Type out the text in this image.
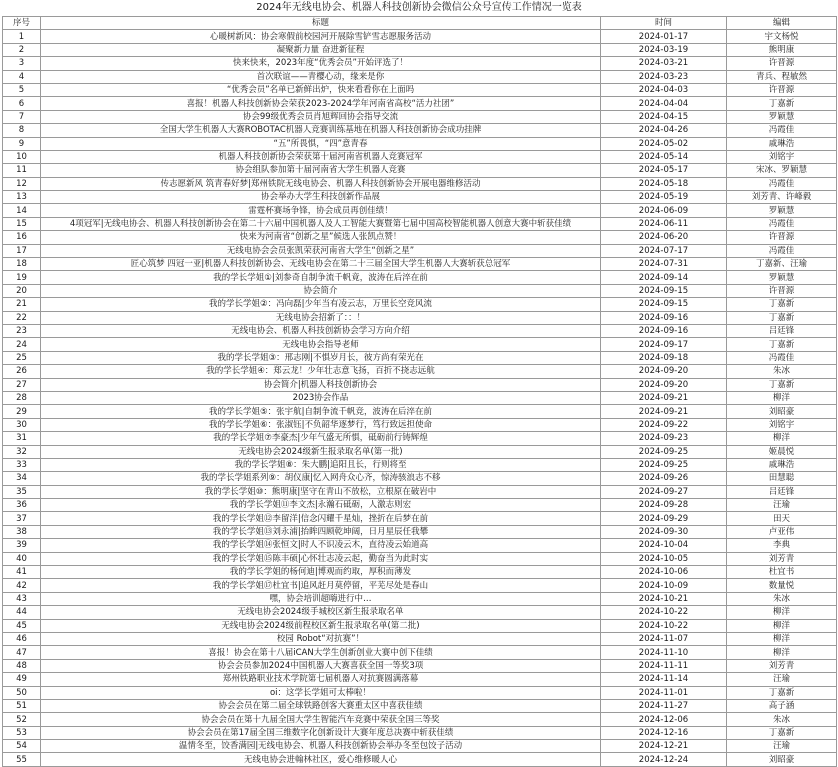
2024年无线电协会、机器人科技创新协会微信公众号宣传工作情况一览表
序号	标题	时间	编辑
1	心暖树新风：协会寒假前校园河开展除雪铲雪志愿服务活动	2024-01-17	宇文杨悦
2	凝聚新力量 奋进新征程	2024-03-19	熊明康
3	快来快来，2023年度“优秀会员”开始评选了！	2024-03-21	许晋源
4	首次联谊——青樱心动，缘来是你	2024-03-23	青兵、程敏然
5	“优秀会员”名单已新鲜出炉，快来看看你在上面吗	2024-04-03	许晋源
6	喜报！机器人科技创新协会荣获2023-2024学年河南省高校“活力社团”	2024-04-04	丁嘉新
7	协会99级优秀会员肖旭辉回协会指导交流	2024-04-15	罗颖慧
8	全国大学生机器人大赛ROBOTAC机器人竞赛训练基地在机器人科技创新协会成功挂牌	2024-04-26	冯霞佳
9	“五”所畏惧，“四”意青春	2024-05-02	戚琳浩
10	机器人科技创新协会荣获第十届河南省机器人竞赛冠军	2024-05-14	刘铭宇
11	协会组队参加第十届河南省大学生机器人竞赛	2024-05-17	宋冰、罗颖慧
12	传志愿新风 筑青春好梦|郑州铁院无线电协会、机器人科技创新协会开展电器维修活动	2024-05-18	冯霞佳
13	协会举办大学生科技创新作品展	2024-05-19	刘芳青、许峰毅
14	雷霆杯赛场争锋，协会成员再创佳绩！	2024-06-09	罗颖慧
15	4项冠军|无线电协会、机器人科技创新协会在第二十六届中国机器人及人工智能大赛暨第七届中国高校智能机器人创意大赛中斩获佳绩	2024-06-11	冯霞佳
16	快来为河南省“创新之星”候选人张凯点赞！	2024-06-20	许晋源
17	无线电协会会员张凯荣获河南省大学生“创新之星”	2024-07-17	冯霞佳
18	匠心筑梦 四冠一亚|机器人科技创新协会、无线电协会在第二十三届全国大学生机器人大赛斩获总冠军	2024-07-31	丁嘉新、汪瑜
19	我的学长学姐①|刘参奇自制争流千帆竟，波涛在后淬在前	2024-09-14	罗颖慧
20	协会简介	2024-09-15	许晋源
21	我的学长学姐②：冯向磊|少年当有凌云志，万里长空竞风流	2024-09-15	丁嘉新
22	无线电协会招新了：：！	2024-09-16	丁嘉新
23	无线电协会、机器人科技创新协会学习方向介绍	2024-09-16	吕廷锋
24	无线电协会指导老师	2024-09-17	丁嘉新
25	我的学长学姐③：邢志刚|不惧岁月长，彼方尚有荣光在	2024-09-18	冯霞佳
26	我的学长学姐④：郑云龙！少年壮志意飞扬，百折不挠志远航	2024-09-20	朱冰
27	协会简介|机器人科技创新协会	2024-09-20	丁嘉新
28	2023协会作品	2024-09-21	柳洋
29	我的学长学姐⑤：张宇航|自制争流千帆竞，波涛在后淬在前	2024-09-21	刘昭豪
30	我的学长学姐⑥：张淑钰|不负韶华逐梦行，笃行致远担使命	2024-09-22	刘铭宇
31	我的学长学姐⑦李豪杰|少年气盛无所惧，砥砺前行铸辉煌	2024-09-23	柳洋
32	无线电协会2024级新生报录取名单(第一批)	2024-09-25	姬晨悦
33	我的学长学姐⑧：朱大鹏|追阳且长，行则将至	2024-09-25	戚琳浩
34	我的学长学姐系列⑨：胡仪康|忆入网舟众心齐，惊涛骇浪志不移	2024-09-26	田慧聪
35	我的学长学姐⑩：熊明康|坚守在青山不放松，立根原在破岩中	2024-09-27	吕廷锋
36	我的学长学姐⑪李文杰|永瀚石砥砺，人激志则宏	2024-09-28	汪瑜
37	我的学长学姐⑫李留洋|信念闪耀千星灿，挫折在后梦在前	2024-09-29	田天
38	我的学长学姐⑬刘永浦|抬眸四顾乾坤阔，日月星辰任我攀	2024-09-30	卢亚伟
39	我的学长学姐⑭张恒文|时人不识凌云木，直待凌云始道高	2024-10-04	李典
40	我的学长学姐⑮陈丰硕|心怀壮志凌云起，勤奋当为此时实	2024-10-05	刘芳青
41	我的学长学姐的杨何迪|博观而约取，厚积而薄发	2024-10-06	杜宜书
42	我的学长学姐⑰杜宜书|追风赶月莫停留，平芜尽处是春山	2024-10-09	数量悦
43	嘿，协会培训超嗨进行中…	2024-10-21	朱冰
44	无线电协会2024级手城校区新生报录取名单	2024-10-22	柳洋
45	无线电协会2024级前程校区新生报录取名单(第二批)	2024-10-22	柳洋
46	校园 Robot“对抗赛”！	2024-11-07	柳洋
47	喜报！协会在第十八届iCAN大学生创新创业大赛中创下佳绩	2024-11-10	柳洋
48	协会会员参加2024中国机器人大赛喜获全国一等奖3项	2024-11-11	刘芳青
49	郑州铁路职业技术学院第七届机器人对抗赛圆满落幕	2024-11-14	汪瑜
50	oi：这学长学姐可太棒啦！	2024-11-01	丁嘉新
51	协会会员在第二届全球铁路创客大赛重太区中喜获佳绩	2024-11-27	高子涵
52	协会会员在第十九届全国大学生智能汽车竞赛中荣获全国三等奖	2024-12-06	朱冰
53	协会会员在第17届全国三维数字化创新设计大赛年度总决赛中斩获佳绩	2024-12-16	丁嘉新
54	温情冬至，饺香满园|无线电协会、机器人科技创新协会举办冬至包饺子活动	2024-12-21	汪瑜
55	无线电协会进翰林社区，爱心维修暖人心	2024-12-24	刘昭豪
